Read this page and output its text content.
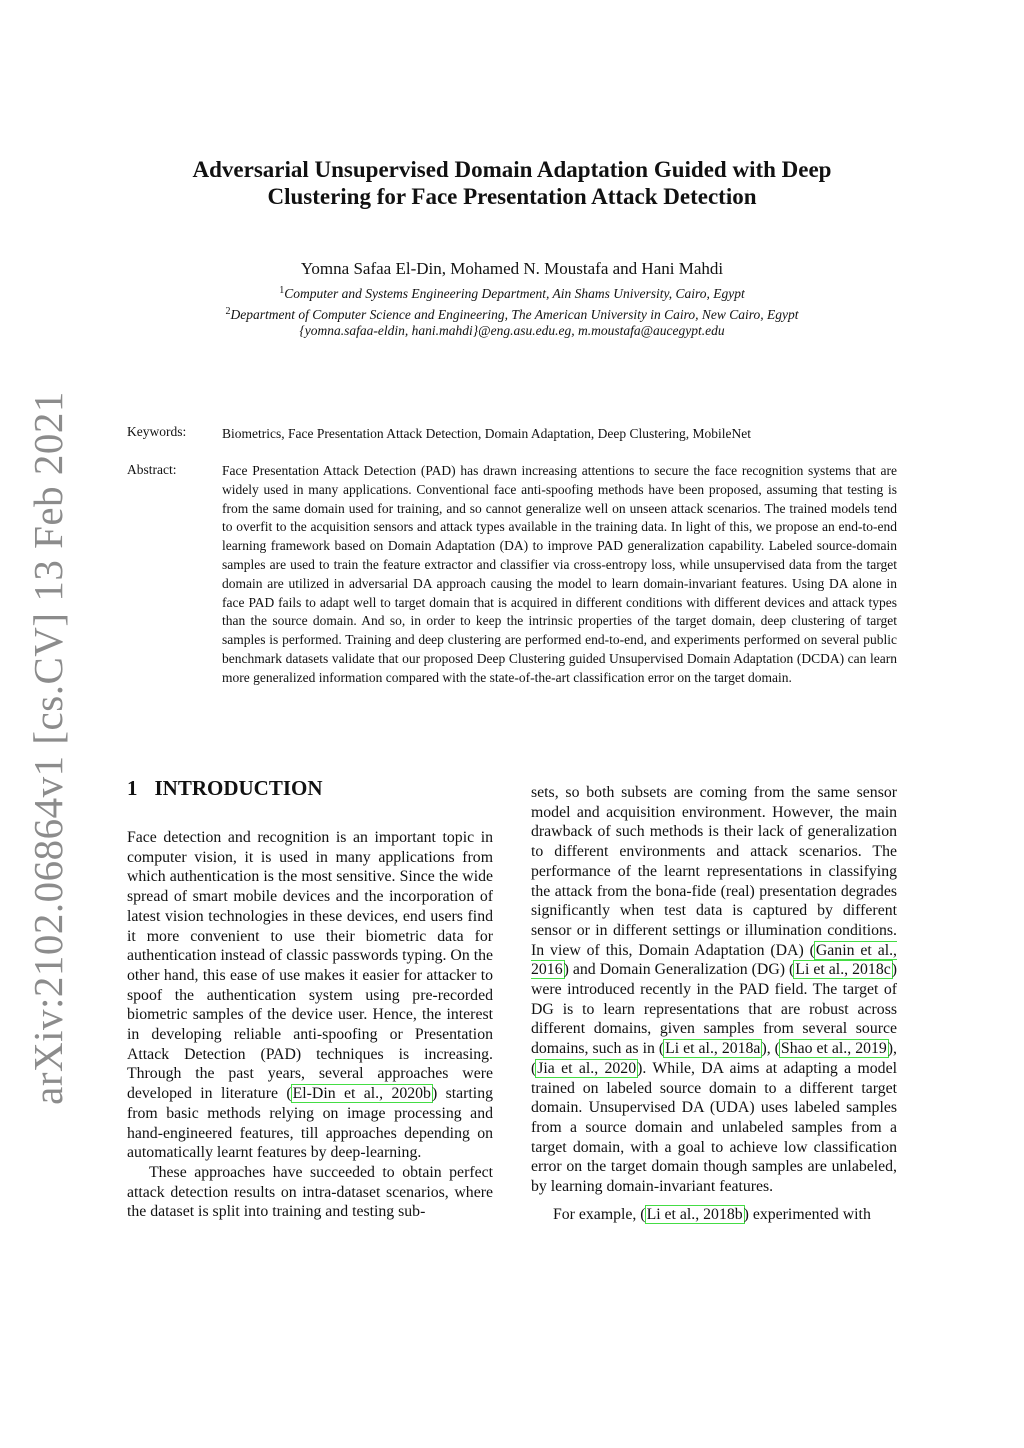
arXiv:2102.06864v1 [cs.CV] 13 Feb 2021
Adversarial Unsupervised Domain Adaptation Guided with Deep
Clustering for Face Presentation Attack Detection
Yomna Safaa El-Din, Mohamed N. Moustafa and Hani Mahdi
$^1$Computer and Systems Engineering Department, Ain Shams University, Cairo, Egypt
$^2$Department of Computer Science and Engineering, The American University in Cairo, New Cairo, Egypt
{yomna.safaa-eldin, hani.mahdi}@eng.asu.edu.eg, m.moustafa@aucegypt.edu
Keywords:	Biometrics, Face Presentation Attack Detection, Domain Adaptation, Deep Clustering, MobileNet
Abstract:	Face Presentation Attack Detection (PAD) has drawn increasing attentions to secure the face recognition systems that are widely used in many applications. Conventional face anti-spoofing methods have been proposed, assuming that testing is from the same domain used for training, and so cannot generalize well on unseen attack scenarios. The trained models tend to overfit to the acquisition sensors and attack types available in the training data. In light of this, we propose an end-to-end learning framework based on Domain Adaptation (DA) to improve PAD generalization capability. Labeled source-domain samples are used to train the feature extractor and classifier via cross-entropy loss, while unsupervised data from the target domain are utilized in adversarial DA approach causing the model to learn domain-invariant features. Using DA alone in face PAD fails to adapt well to target domain that is acquired in different conditions with different devices and attack types than the source domain. And so, in order to keep the intrinsic properties of the target domain, deep clustering of target samples is performed. Training and deep clustering are performed end-to-end, and experiments performed on several public benchmark datasets validate that our proposed Deep Clustering guided Unsupervised Domain Adaptation (DCDA) can learn more generalized information compared with the state-of-the-art classification error on the target domain.
1 INTRODUCTION

Face detection and recognition is an important topic in computer vision, it is used in many applications from which authentication is the most sensitive. Since the wide spread of smart mobile devices and the incorporation of latest vision technologies in these devices, end users find it more convenient to use their biometric data for authentication instead of classic passwords typing. On the other hand, this ease of use makes it easier for attacker to spoof the authentication system using pre-recorded biometric samples of the device user. Hence, the interest in developing reliable anti-spoofing or Presentation Attack Detection (PAD) techniques is increasing. Through the past years, several approaches were developed in literature (El-Din et al., 2020b) starting from basic methods relying on image processing and hand-engineered features, till approaches depending on automatically learnt features by deep-learning.

These approaches have succeeded to obtain perfect attack detection results on intra-dataset scenarios, where the dataset is split into training and testing sub-

sets, so both subsets are coming from the same sensor model and acquisition environment. However, the main drawback of such methods is their lack of generalization to different environments and attack scenarios. The performance of the learnt representations in classifying the attack from the bona-fide (real) presentation degrades significantly when test data is captured by different sensor or in different settings or illumination conditions. In view of this, Domain Adaptation (DA) (Ganin et al., 2016) and Domain Generalization (DG) (Li et al., 2018c) were introduced recently in the PAD field. The target of DG is to learn representations that are robust across different domains, given samples from several source domains, such as in (Li et al., 2018a), (Shao et al., 2019), (Jia et al., 2020). While, DA aims at adapting a model trained on labeled source domain to a different target domain. Unsupervised DA (UDA) uses labeled samples from a source domain and unlabeled samples from a target domain, with a goal to achieve low classification error on the target domain though samples are unlabeled, by learning domain-invariant features.

For example, (Li et al., 2018b) experimented with
